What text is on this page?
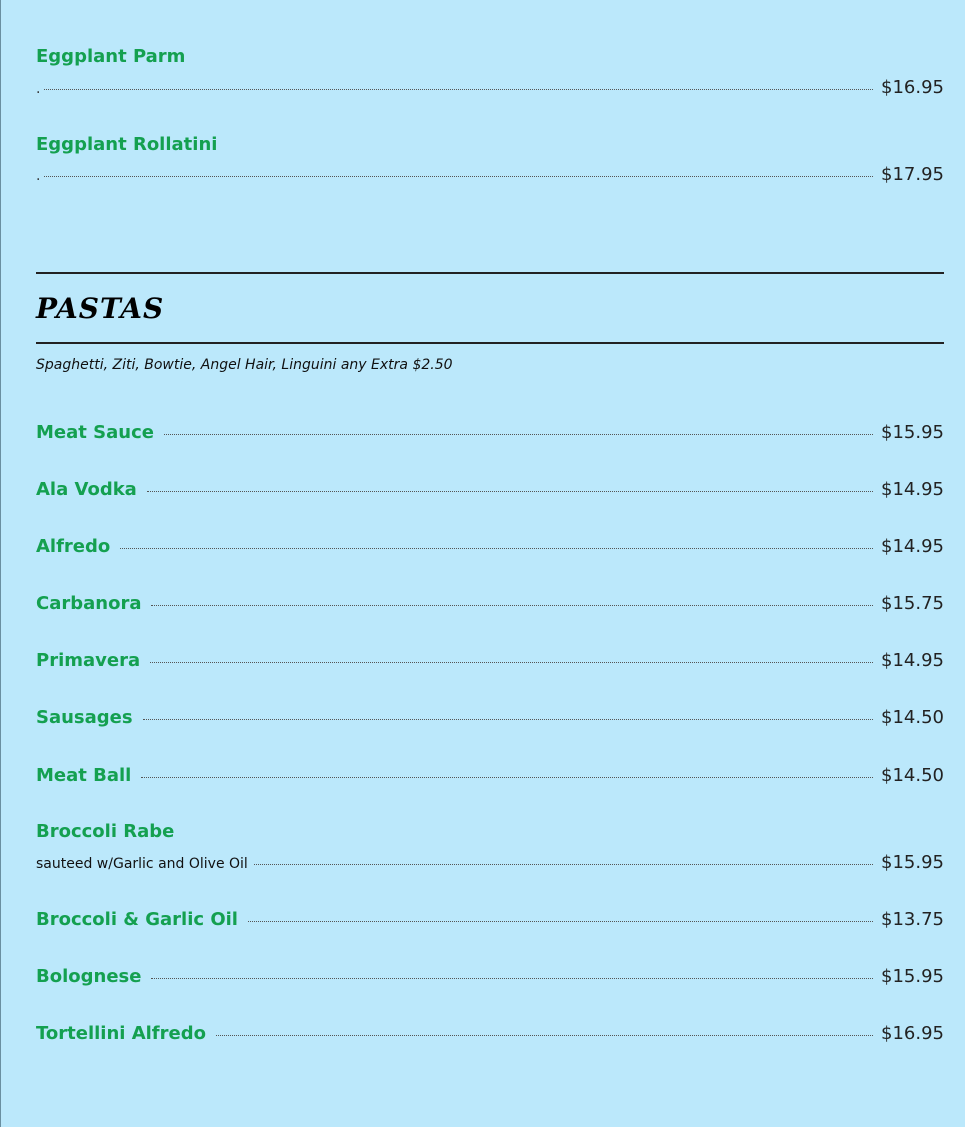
Eggplant Parm
.	$16.95
Eggplant Rollatini
.	$17.95
PASTAS
Spaghetti, Ziti, Bowtie, Angel Hair, Linguini any Extra $2.50
Meat Sauce	$15.95
Ala Vodka	$14.95
Alfredo	$14.95
Carbanora	$15.75
Primavera	$14.95
Sausages	$14.50
Meat Ball	$14.50
Broccoli Rabe
sauteed w/Garlic and Olive Oil	$15.95
Broccoli & Garlic Oil	$13.75
Bolognese	$15.95
Tortellini Alfredo	$16.95
